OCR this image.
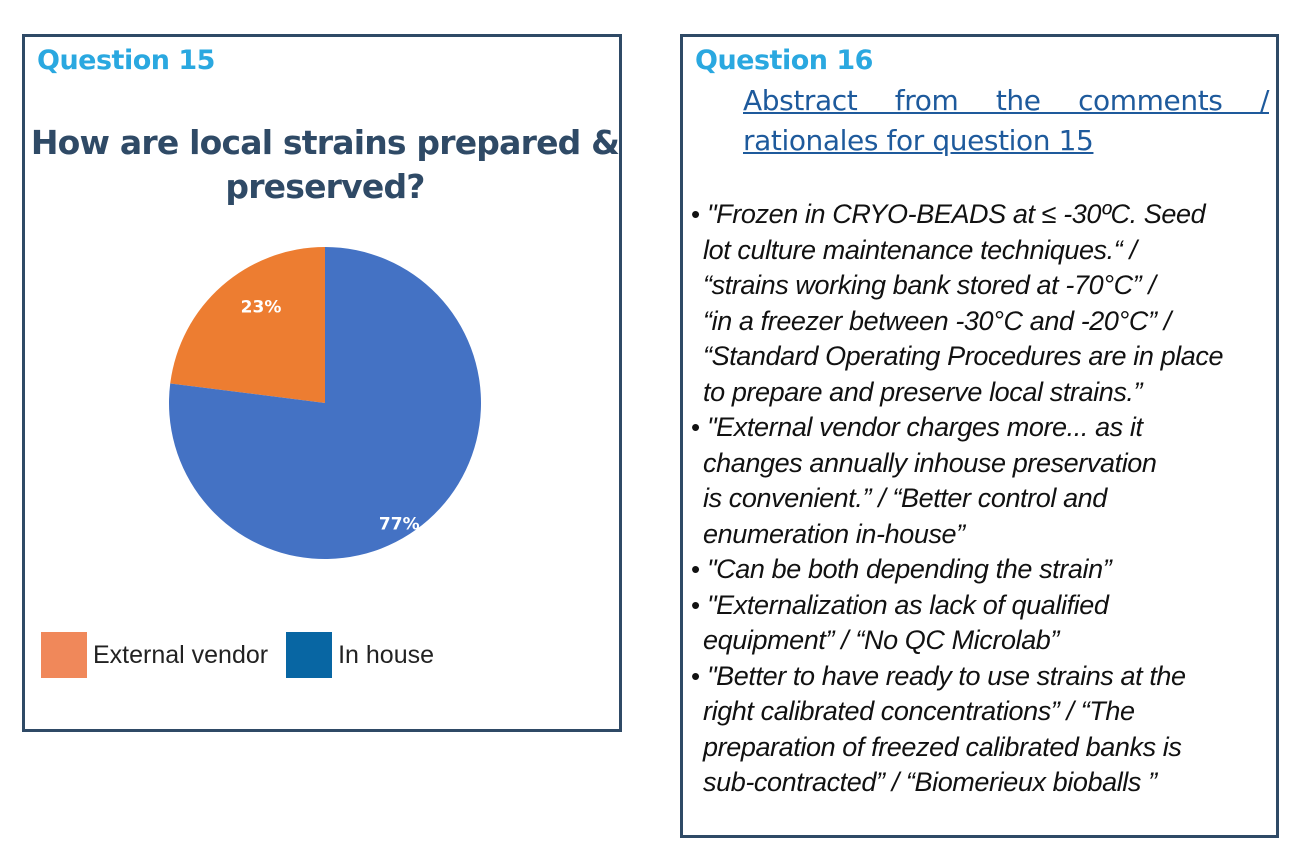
Question 15
How are local strains prepared &
preserved?
23%
77%
External vendor	In house
Question 16

Abstract from the comments / rationales for question 15

• "Frozen in CRYO-BEADS at ≤ -30ºC. Seed
lot culture maintenance techniques.“ /
“strains working bank stored at -70°C” /
“in a freezer between -30°C and -20°C” /
“Standard Operating Procedures are in place
to prepare and preserve local strains.”
• "External vendor charges more... as it
changes annually inhouse preservation
is convenient.” / “Better control and
enumeration in-house”
• "Can be both depending the strain”
• "Externalization as lack of qualified
equipment” / “No QC Microlab”
• "Better to have ready to use strains at the
right calibrated concentrations” / “The
preparation of freezed calibrated banks is
sub-contracted” / “Biomerieux bioballs ”
